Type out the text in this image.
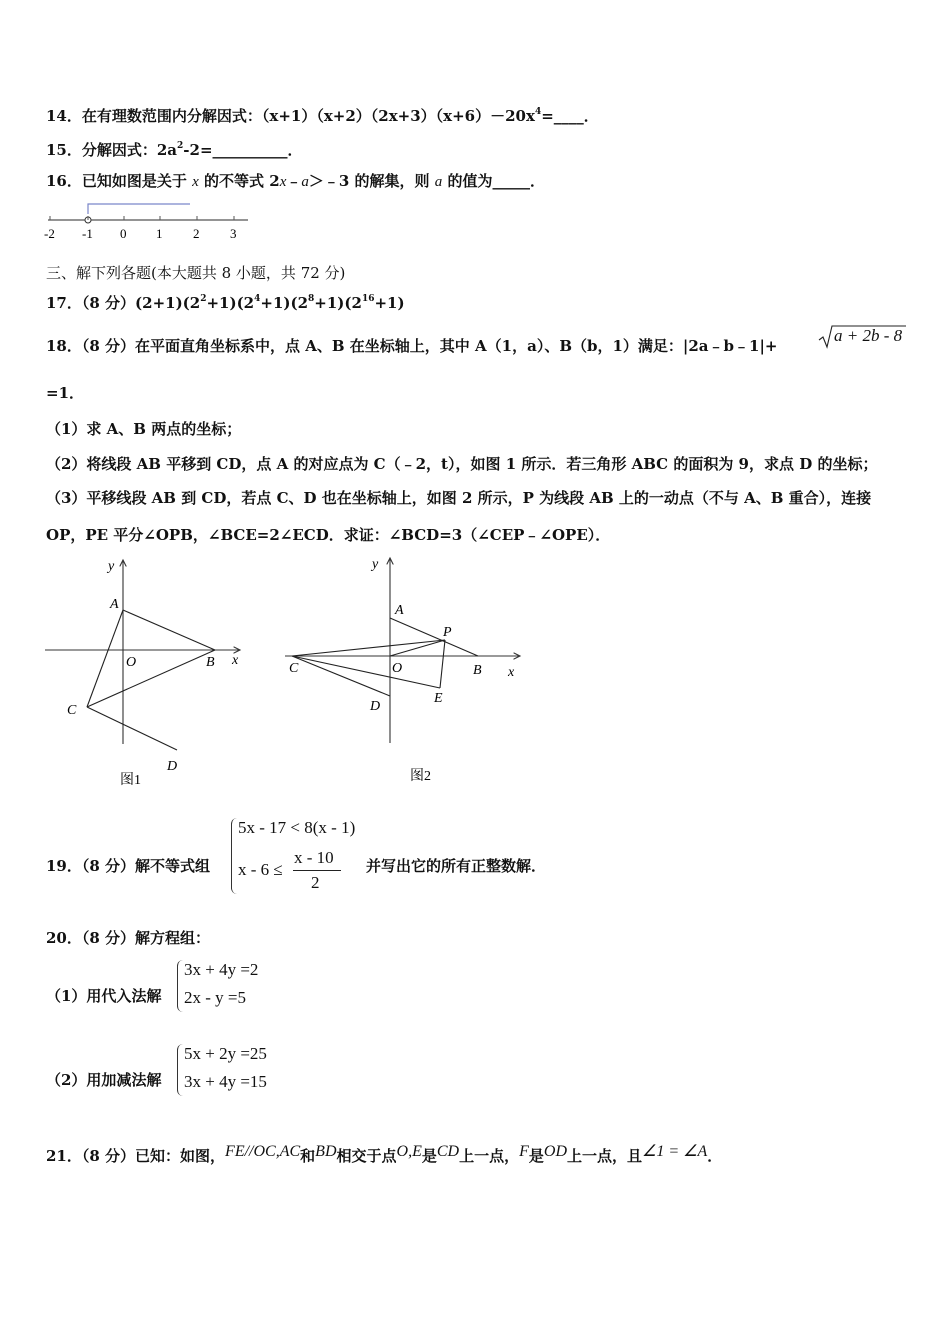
14．在有理数范围内分解因式：$(x+1)(x+2)(2x+3)(x+6)-20x^4=\_\_\_\_$．
15．分解因式：$2a^2-2=\_\_\_\_\_\_\_\_\_\_$．
16．已知如图是关于 x 的不等式 2x﹣a＞﹣3 的解集，则 a 的值为_____．
-2 -1 0 1 2 3
三、解下列各题(本大题共 8 小题，共 72 分)
17．（8 分）$(2+1)(2^2+1)(2^4+1)(2^8+1)(2^{16}+1)$
18．（8 分）在平面直角坐标系中，点 A、B 在坐标轴上，其中 A（1，a）、B（b，1）满足：|2a﹣b﹣1|+
a + 2b - 8
=1．
（1）求 A、B 两点的坐标；
（2）将线段 AB 平移到 CD，点 A 的对应点为 C（﹣2，t），如图 1 所示．若三角形 ABC 的面积为 9，求点 D 的坐标；
（3）平移线段 AB 到 CD，若点 C、D 也在坐标轴上，如图 2 所示，P 为线段 AB 上的一动点（不与 A、B 重合），连接
OP，PE 平分∠OPB，∠BCE=2∠ECD．求证：∠BCD=3（∠CEP﹣∠OPE）．
y
x
A
O	B
C
D
图1
y
x
A
O	B
C
D
P
E
图2
19．（8 分）解不等式组
5x - 17 < 8(x - 1)
x - 6 ≤
x - 10
2
并写出它的所有正整数解．
20．（8 分）解方程组：
（1）用代入法解
3x + 4y =2
2x - y =5
（2）用加减法解
5x + 2y =25
3x + 4y =15
21．（8 分）已知：如图，FE//OC,AC和BD相交于点O,E是CD上一点，F是OD上一点，且∠1 = ∠A．
